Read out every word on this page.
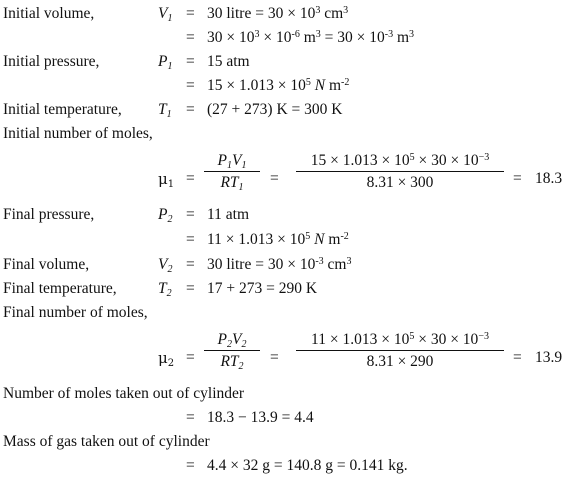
Initial volume,	$V_1 = 30$ litre = $30 \times 10^3$ $cm^3$
= $30 \times 10^3 \times 10^{-6}$ $m^3 = 30 \times 10^{-3}$ $m^3$
Initial pressure,	$P_1 = 15$ atm
= $15 \times 1.013 \times 10^5$ N $m^{-2}$
Initial temperature, $T_1 = (27 + 273) K = 300$ K
Initial number of moles,
$\mu_1$ =
$P_1V_1$
$RT_1$
=
$15 \times 1.013 \times 10^5 \times 30 \times 10^{-3}$
8.31 × 300	= 18.3
Final pressure,	$P_2 = 11$ atm
= $11 \times 1.013 \times 10^5$ N $m^{-2}$
Final volume,	$V_2 = 30$ litre = $30 \times 10^{-3}$ $cm^3$
Final temperature,	$T_2 = 17 + 273 = 290$ K
Final number of moles,
$\mu_2$ =
$P_2V_2$
$RT_2$
=
$11 \times 1.013 \times 10^5 \times 30 \times 10^{-3}$
8.31 × 290	= 13.9
Number of moles taken out of cylinder
= 18.3 − 13.9 = 4.4
Mass of gas taken out of cylinder
= 4.4 × 32 g = 140.8 g = 0.141 kg.
